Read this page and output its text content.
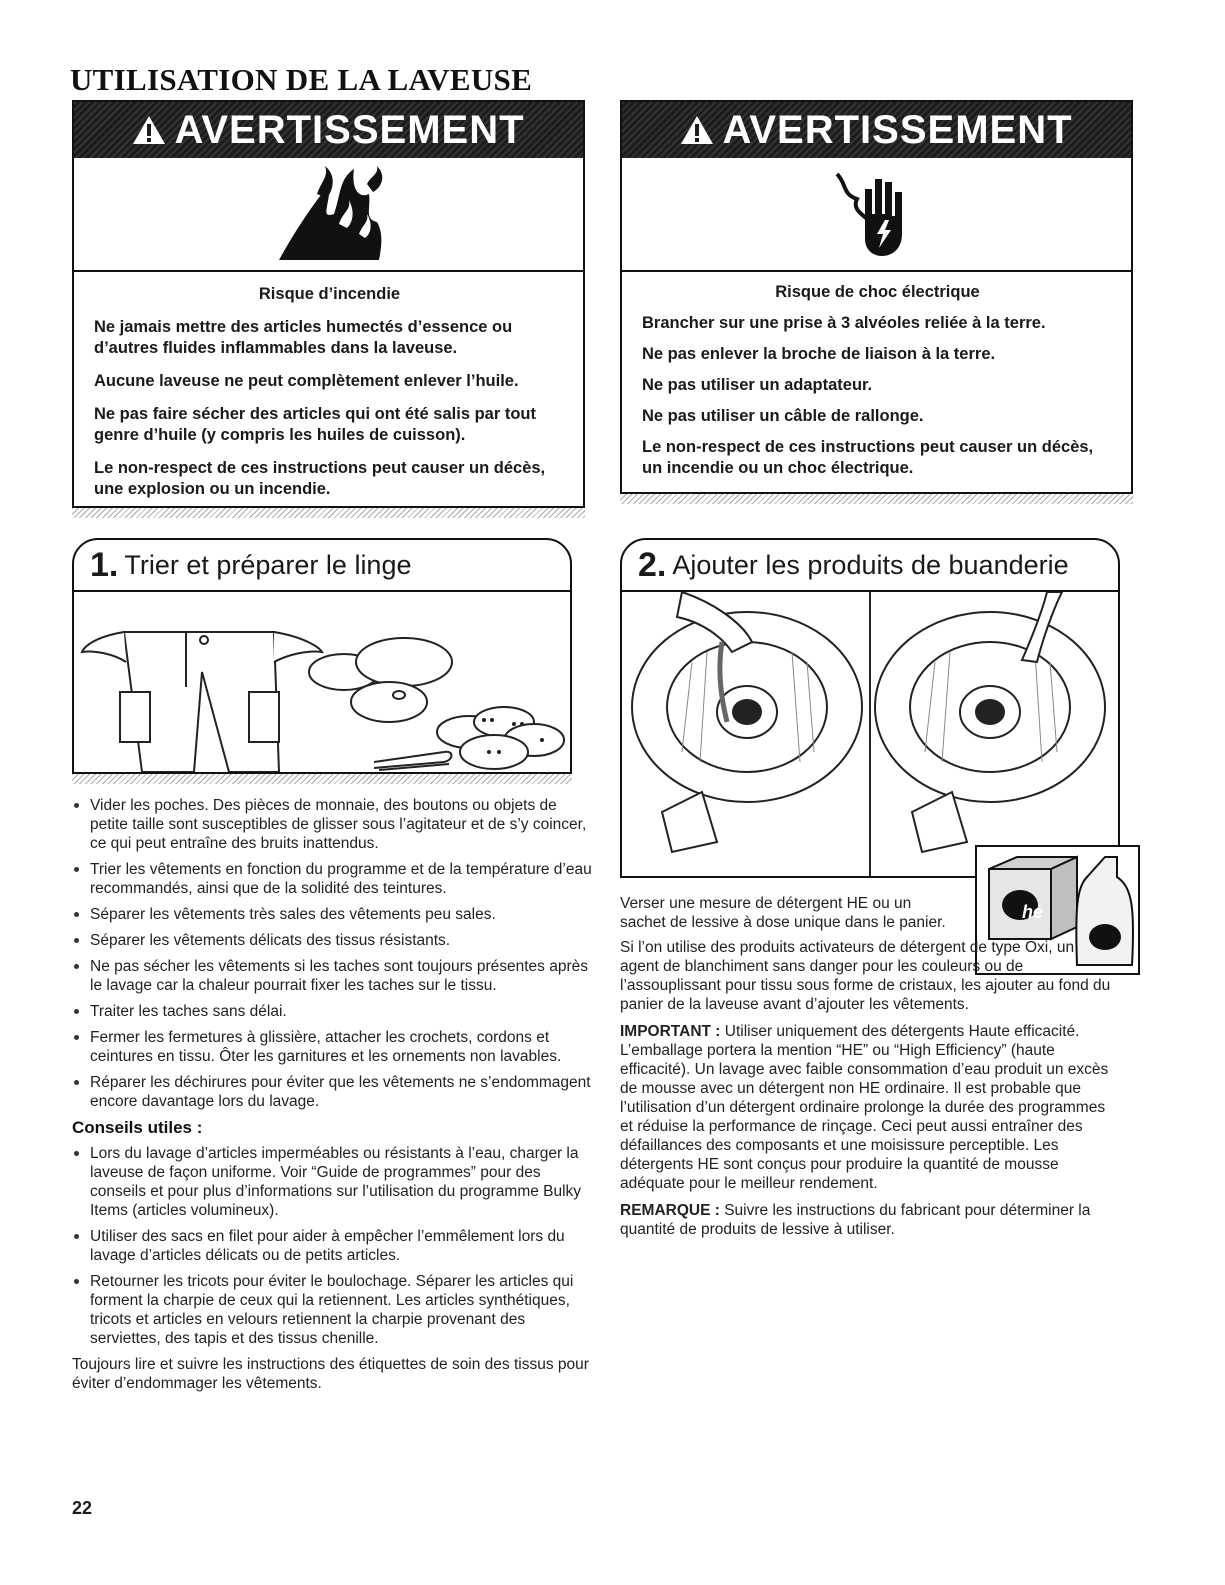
UTILISATION DE LA LAVEUSE
AVERTISSEMENT

Risque d’incendie

Ne jamais mettre des articles humectés d’essence ou d’autres fluides inflammables dans la laveuse.

Aucune laveuse ne peut complètement enlever l’huile.

Ne pas faire sécher des articles qui ont été salis par tout genre d’huile (y compris les huiles de cuisson).

Le non-respect de ces instructions peut causer un décès, une explosion ou un incendie.

AVERTISSEMENT

Risque de choc électrique

Brancher sur une prise à 3 alvéoles reliée à la terre.

Ne pas enlever la broche de liaison à la terre.

Ne pas utiliser un adaptateur.

Ne pas utiliser un câble de rallonge.

Le non-respect de ces instructions peut causer un décès, un incendie ou un choc électrique.

1. Trier et préparer le linge
Vider les poches. Des pièces de monnaie, des boutons ou objets de petite taille sont susceptibles de glisser sous l’agitateur et de s’y coincer, ce qui peut entraîne des bruits inattendus.
Trier les vêtements en fonction du programme et de la température d’eau recommandés, ainsi que de la solidité des teintures.
Séparer les vêtements très sales des vêtements peu sales.
Séparer les vêtements délicats des tissus résistants.
Ne pas sécher les vêtements si les taches sont toujours présentes après le lavage car la chaleur pourrait fixer les taches sur le tissu.
Traiter les taches sans délai.
Fermer les fermetures à glissière, attacher les crochets, cordons et ceintures en tissu. Ôter les garnitures et les ornements non lavables.
Réparer les déchirures pour éviter que les vêtements ne s’endommagent encore davantage lors du lavage.
Conseils utiles :
Lors du lavage d’articles imperméables ou résistants à l’eau, charger la laveuse de façon uniforme. Voir “Guide de programmes” pour des conseils et pour plus d’informations sur l’utilisation du programme Bulky Items (articles volumineux).
Utiliser des sacs en filet pour aider à empêcher l’emmêlement lors du lavage d’articles délicats ou de petits articles.
Retourner les tricots pour éviter le boulochage. Séparer les articles qui forment la charpie de ceux qui la retiennent. Les articles synthétiques, tricots et articles en velours retiennent la charpie provenant des serviettes, des tapis et des tissus chenille.

Toujours lire et suivre les instructions des étiquettes de soin des tissus pour éviter d’endommager les vêtements.

2. Ajouter les produits de buanderie
he

Verser une mesure de détergent HE ou un sachet de lessive à dose unique dans le panier.

Si l’on utilise des produits activateurs de détergent de type Oxi, un agent de blanchiment sans danger pour les couleurs ou de l’assouplissant pour tissu sous forme de cristaux, les ajouter au fond du panier de la laveuse avant d’ajouter les vêtements.

IMPORTANT : Utiliser uniquement des détergents Haute efficacité. L’emballage portera la mention “HE” ou “High Efficiency” (haute efficacité). Un lavage avec faible consommation d’eau produit un excès de mousse avec un détergent non HE ordinaire. Il est probable que l’utilisation d’un détergent ordinaire prolonge la durée des programmes et réduise la performance de rinçage. Ceci peut aussi entraîner des défaillances des composants et une moisissure perceptible. Les détergents HE sont conçus pour produire la quantité de mousse adéquate pour le meilleur rendement.

REMARQUE : Suivre les instructions du fabricant pour déterminer la quantité de produits de lessive à utiliser.

22
